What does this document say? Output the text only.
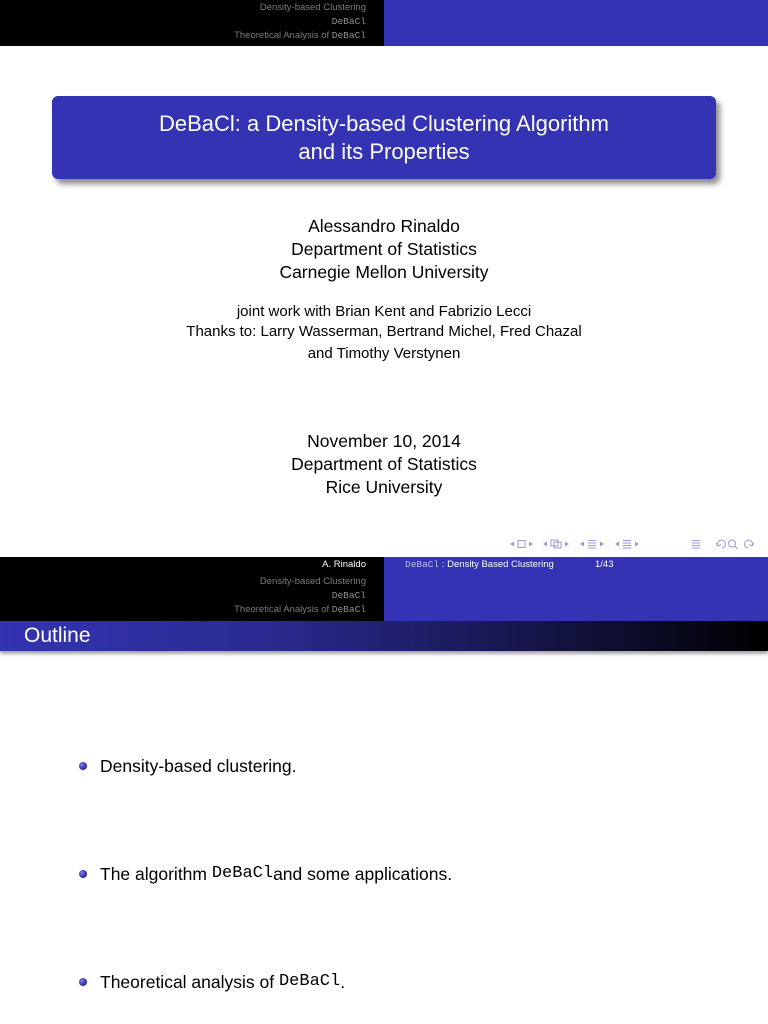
Density-based Clustering
DeBaCl
Theoretical Analysis of DeBaCl
DeBaCl: a Density-based Clustering Algorithm
and its Properties
Alessandro Rinaldo
Department of Statistics
Carnegie Mellon University
joint work with Brian Kent and Fabrizio Lecci
Thanks to: Larry Wasserman, Bertrand Michel, Fred Chazal
and Timothy Verstynen
November 10, 2014
Department of Statistics
Rice University
A. Rinaldo	DeBaCl : Density Based Clustering	1/43
Density-based Clustering
DeBaCl
Theoretical Analysis of DeBaCl
Outline
Density-based clustering.
The algorithm DeBaCl and some applications.
Theoretical analysis of DeBaCl .
